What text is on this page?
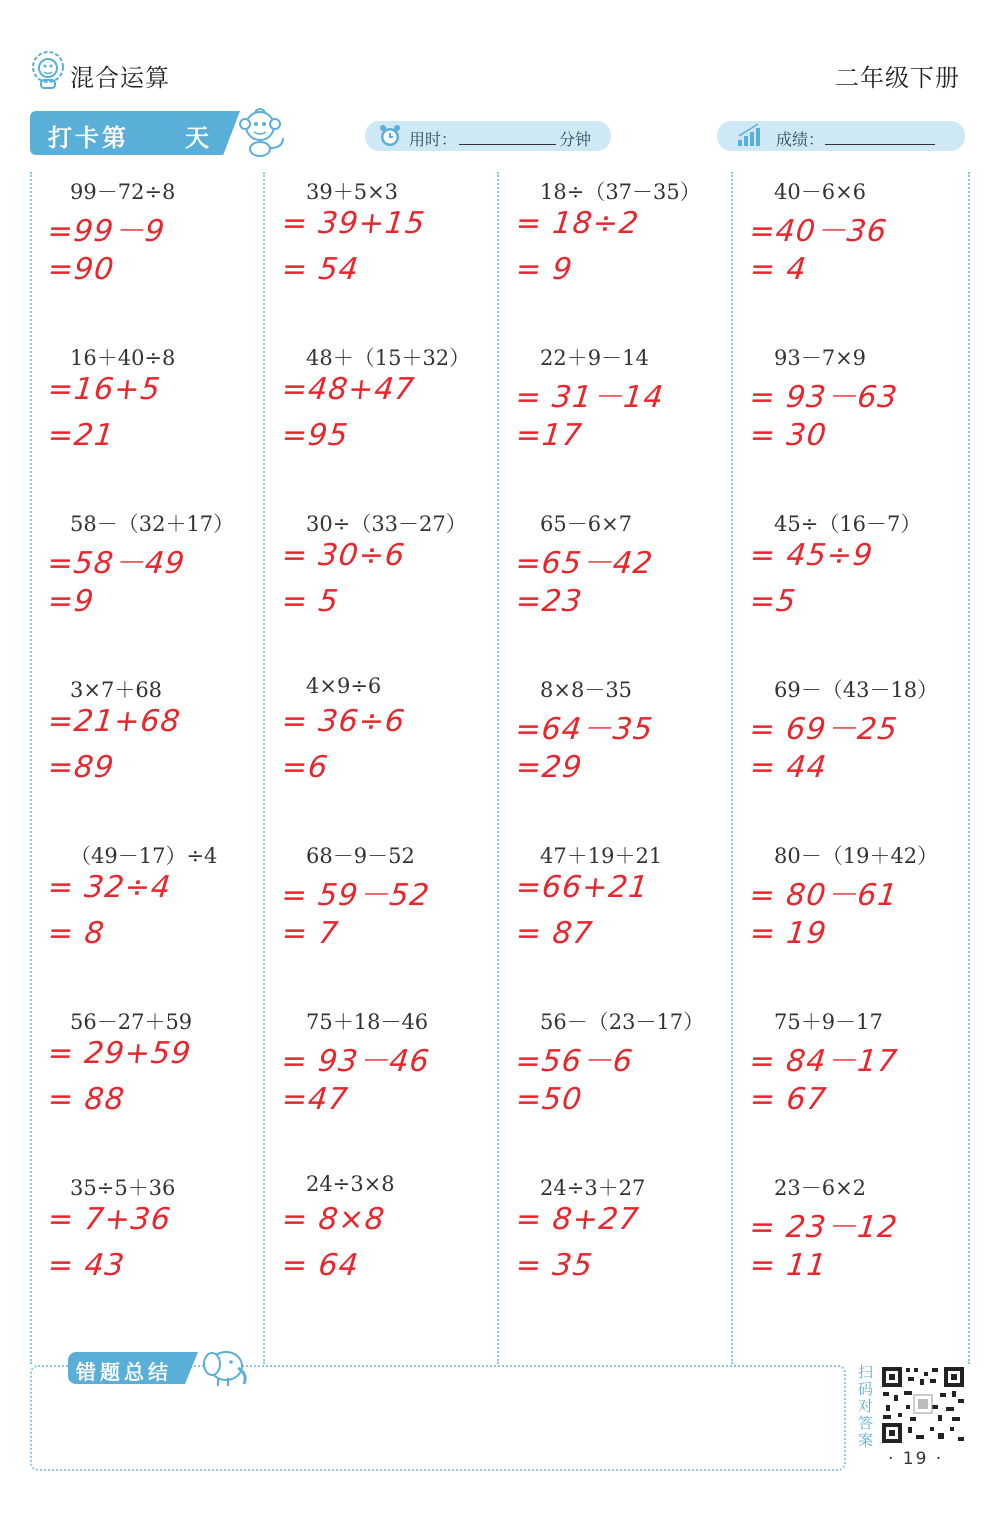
混合运算	二年级下册
打卡第 天	用时：	分钟	成绩：
99－72÷8
=99－9
=90
39＋5×3
= 39+15
= 54
18÷（37－35）
= 18÷2
= 9
40－6×6
=40－36
= 4
16＋40÷8
=16+5
=21
48＋（15＋32）
=48+47
=95
22＋9－14
= 31－14
=17
93－7×9
= 93－63
= 30
58－（32＋17）
=58－49
=9
30÷（33－27）
= 30÷6
= 5
65－6×7
=65－42
=23
45÷（16－7）
= 45÷9
=5
3×7＋68
=21+68
=89
4×9÷6
= 36÷6
=6
8×8－35
=64－35
=29
69－（43－18）
= 69－25
= 44
（49－17）÷4
= 32÷4
= 8
68－9－52
= 59－52
= 7
47＋19＋21
=66+21
= 87
80－（19＋42）
= 80－61
= 19
56－27＋59
= 29+59
= 88
75＋18－46
= 93－46
=47
56－（23－17）
=56－6
=50
75＋9－17
= 84－17
= 67
35÷5＋36
= 7+36
= 43
24÷3×8
= 8×8
= 64
24÷3＋27
= 8+27
= 35
23－6×2
= 23－12
= 11
错题总结	扫码对答案
· 19 ·
